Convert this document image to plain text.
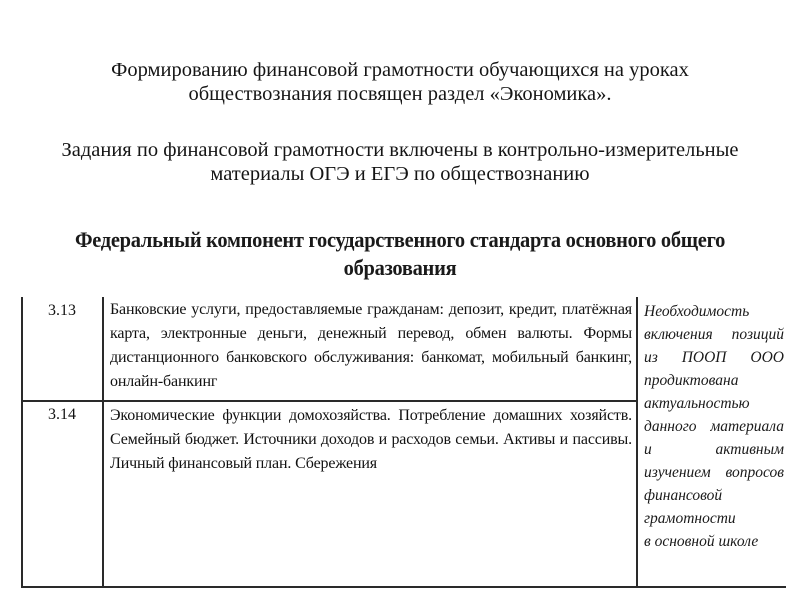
Формированию финансовой грамотности обучающихся на уроках обществознания посвящен раздел «Экономика».
Задания по финансовой грамотности включены в контрольно-измерительные материалы ОГЭ и ЕГЭ по обществознанию
Федеральный компонент государственного стандарта основного общего образования
3.13	Банковские услуги, предоставляемые гражданам: депозит, кредит, платёжная карта, электронные деньги, денежный перевод, обмен валюты. Формы дистанционного банковского обслуживания: банкомат, мобильный банкинг, онлайн-банкинг
3.14	Экономические функции домохозяйства. Потребление домашних хозяйств. Семейный бюджет. Источники доходов и расходов семьи. Активы и пассивы. Личный финансовый план. Сбережения
Необходимость
включения позиций
из ПООП ООО
продиктована
актуальностью
данного материала
и активным
изучением вопросов
финансовой
грамотности
в основной школе
